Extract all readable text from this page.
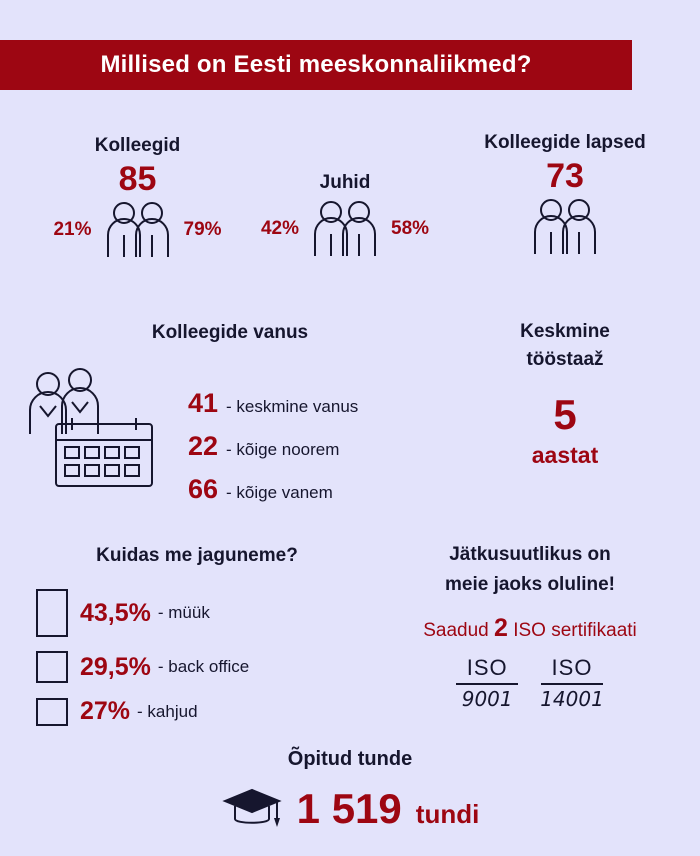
Millised on Eesti meeskonnaliikmed?
Kolleegid
85
21%	79%
Juhid
42%	58%
Kolleegide lapsed
73
Kolleegide vanus
41 - keskmine vanus
22 - kõige noorem
66 - kõige vanem
Keskmine
tööstaaž
5
aastat
Kuidas me jaguneme?
43,5% - müük
29,5% - back office
27% - kahjud
Jätkusuutlikus on
meie jaoks oluline!
Saadud 2 ISO sertifikaati
ISO
9001
ISO
14001
Õpitud tunde
1 519 tundi
